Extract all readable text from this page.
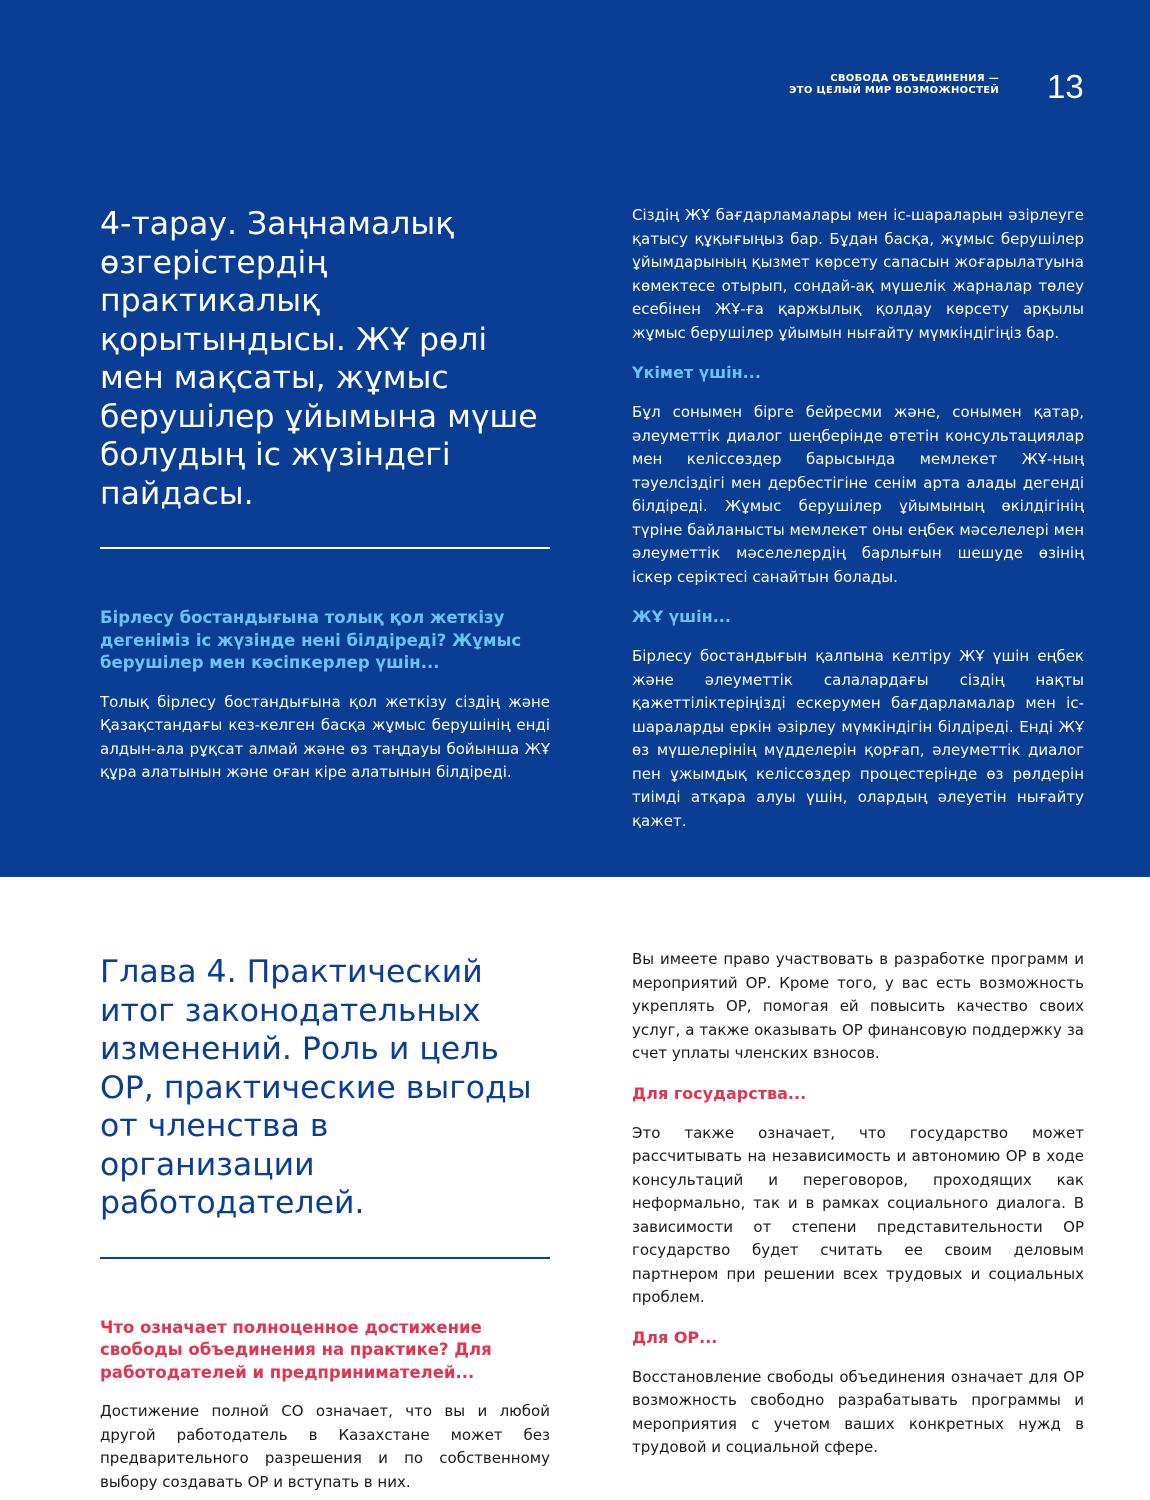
СВОБОДА ОБЪЕДИНЕНИЯ —
ЭТО ЦЕЛЫЙ МИР ВОЗМОЖНОСТЕЙ 13
4-тарау. Заңнамалық өзгерістердің практикалық қорытындысы. ЖҰ рөлі мен мақсаты, жұмыс берушілер ұйымына мүше болудың іс жүзіндегі пайдасы.
Бірлесу бостандығына толық қол жеткізу дегеніміз іс жүзінде нені білдіреді? Жұмыс берушілер мен кәсіпкерлер үшін...

Толық бірлесу бостандығына қол жеткізу сіздің және Қазақстандағы кез-келген басқа жұмыс берушінің енді алдын-ала рұқсат алмай және өз таңдауы бойынша ЖҰ құра алатынын және оған кіре алатынын білдіреді.

Сіздің ЖҰ бағдарламалары мен іс-шараларын әзірлеуге қатысу құқығыңыз бар. Бұдан басқа, жұмыс берушілер ұйымдарының қызмет көрсету сапасын жоғарылатуына көмектесе отырып, сондай-ақ мүшелік жарналар төлеу есебінен ЖҰ-ға қаржылық қолдау көрсету арқылы жұмыс берушілер ұйымын нығайту мүмкіндігіңіз бар.

Үкімет үшін...

Бұл сонымен бірге бейресми және, сонымен қатар, әлеуметтік диалог шеңберінде өтетін консультациялар мен келіссөздер барысында мемлекет ЖҰ-ның тәуелсіздігі мен дербестігіне сенім арта алады дегенді білдіреді. Жұмыс берушілер ұйымының өкілдігінің түріне байланысты мемлекет оны еңбек мәселелері мен әлеуметтік мәселелердің барлығын шешуде өзінің іскер серіктесі санайтын болады.

ЖҰ үшін...

Бірлесу бостандығын қалпына келтіру ЖҰ үшін еңбек және әлеуметтік салалардағы сіздің нақты қажеттіліктеріңізді ескерумен бағдарламалар мен іс-шараларды еркін әзірлеу мүмкіндігін білдіреді. Енді ЖҰ өз мүшелерінің мүдделерін қорғап, әлеуметтік диалог пен ұжымдық келіссөздер процестерінде өз рөлдерін тиімді атқара алуы үшін, олардың әлеуетін нығайту қажет.

Глава 4. Практический итог законодательных изменений. Роль и цель ОР, практические выгоды от членства в организации работодателей.
Что означает полноценное достижение свободы объединения на практике? Для работодателей и предпринимателей...

Достижение полной СО означает, что вы и любой другой работодатель в Казахстане может без предварительного разрешения и по собственному выбору создавать ОР и вступать в них.

Вы имеете право участвовать в разработке программ и мероприятий ОР. Кроме того, у вас есть возможность укреплять ОР, помогая ей повысить качество своих услуг, а также оказывать ОР финансовую поддержку за счет уплаты членских взносов.

Для государства...

Это также означает, что государство может рассчитывать на независимость и автономию ОР в ходе консультаций и переговоров, проходящих как неформально, так и в рамках социального диалога. В зависимости от степени представительности ОР государство будет считать ее своим деловым партнером при решении всех трудовых и социальных проблем.

Для ОР...

Восстановление свободы объединения означает для ОР возможность свободно разрабатывать программы и мероприятия с учетом ваших конкретных нужд в трудовой и социальной сфере.
